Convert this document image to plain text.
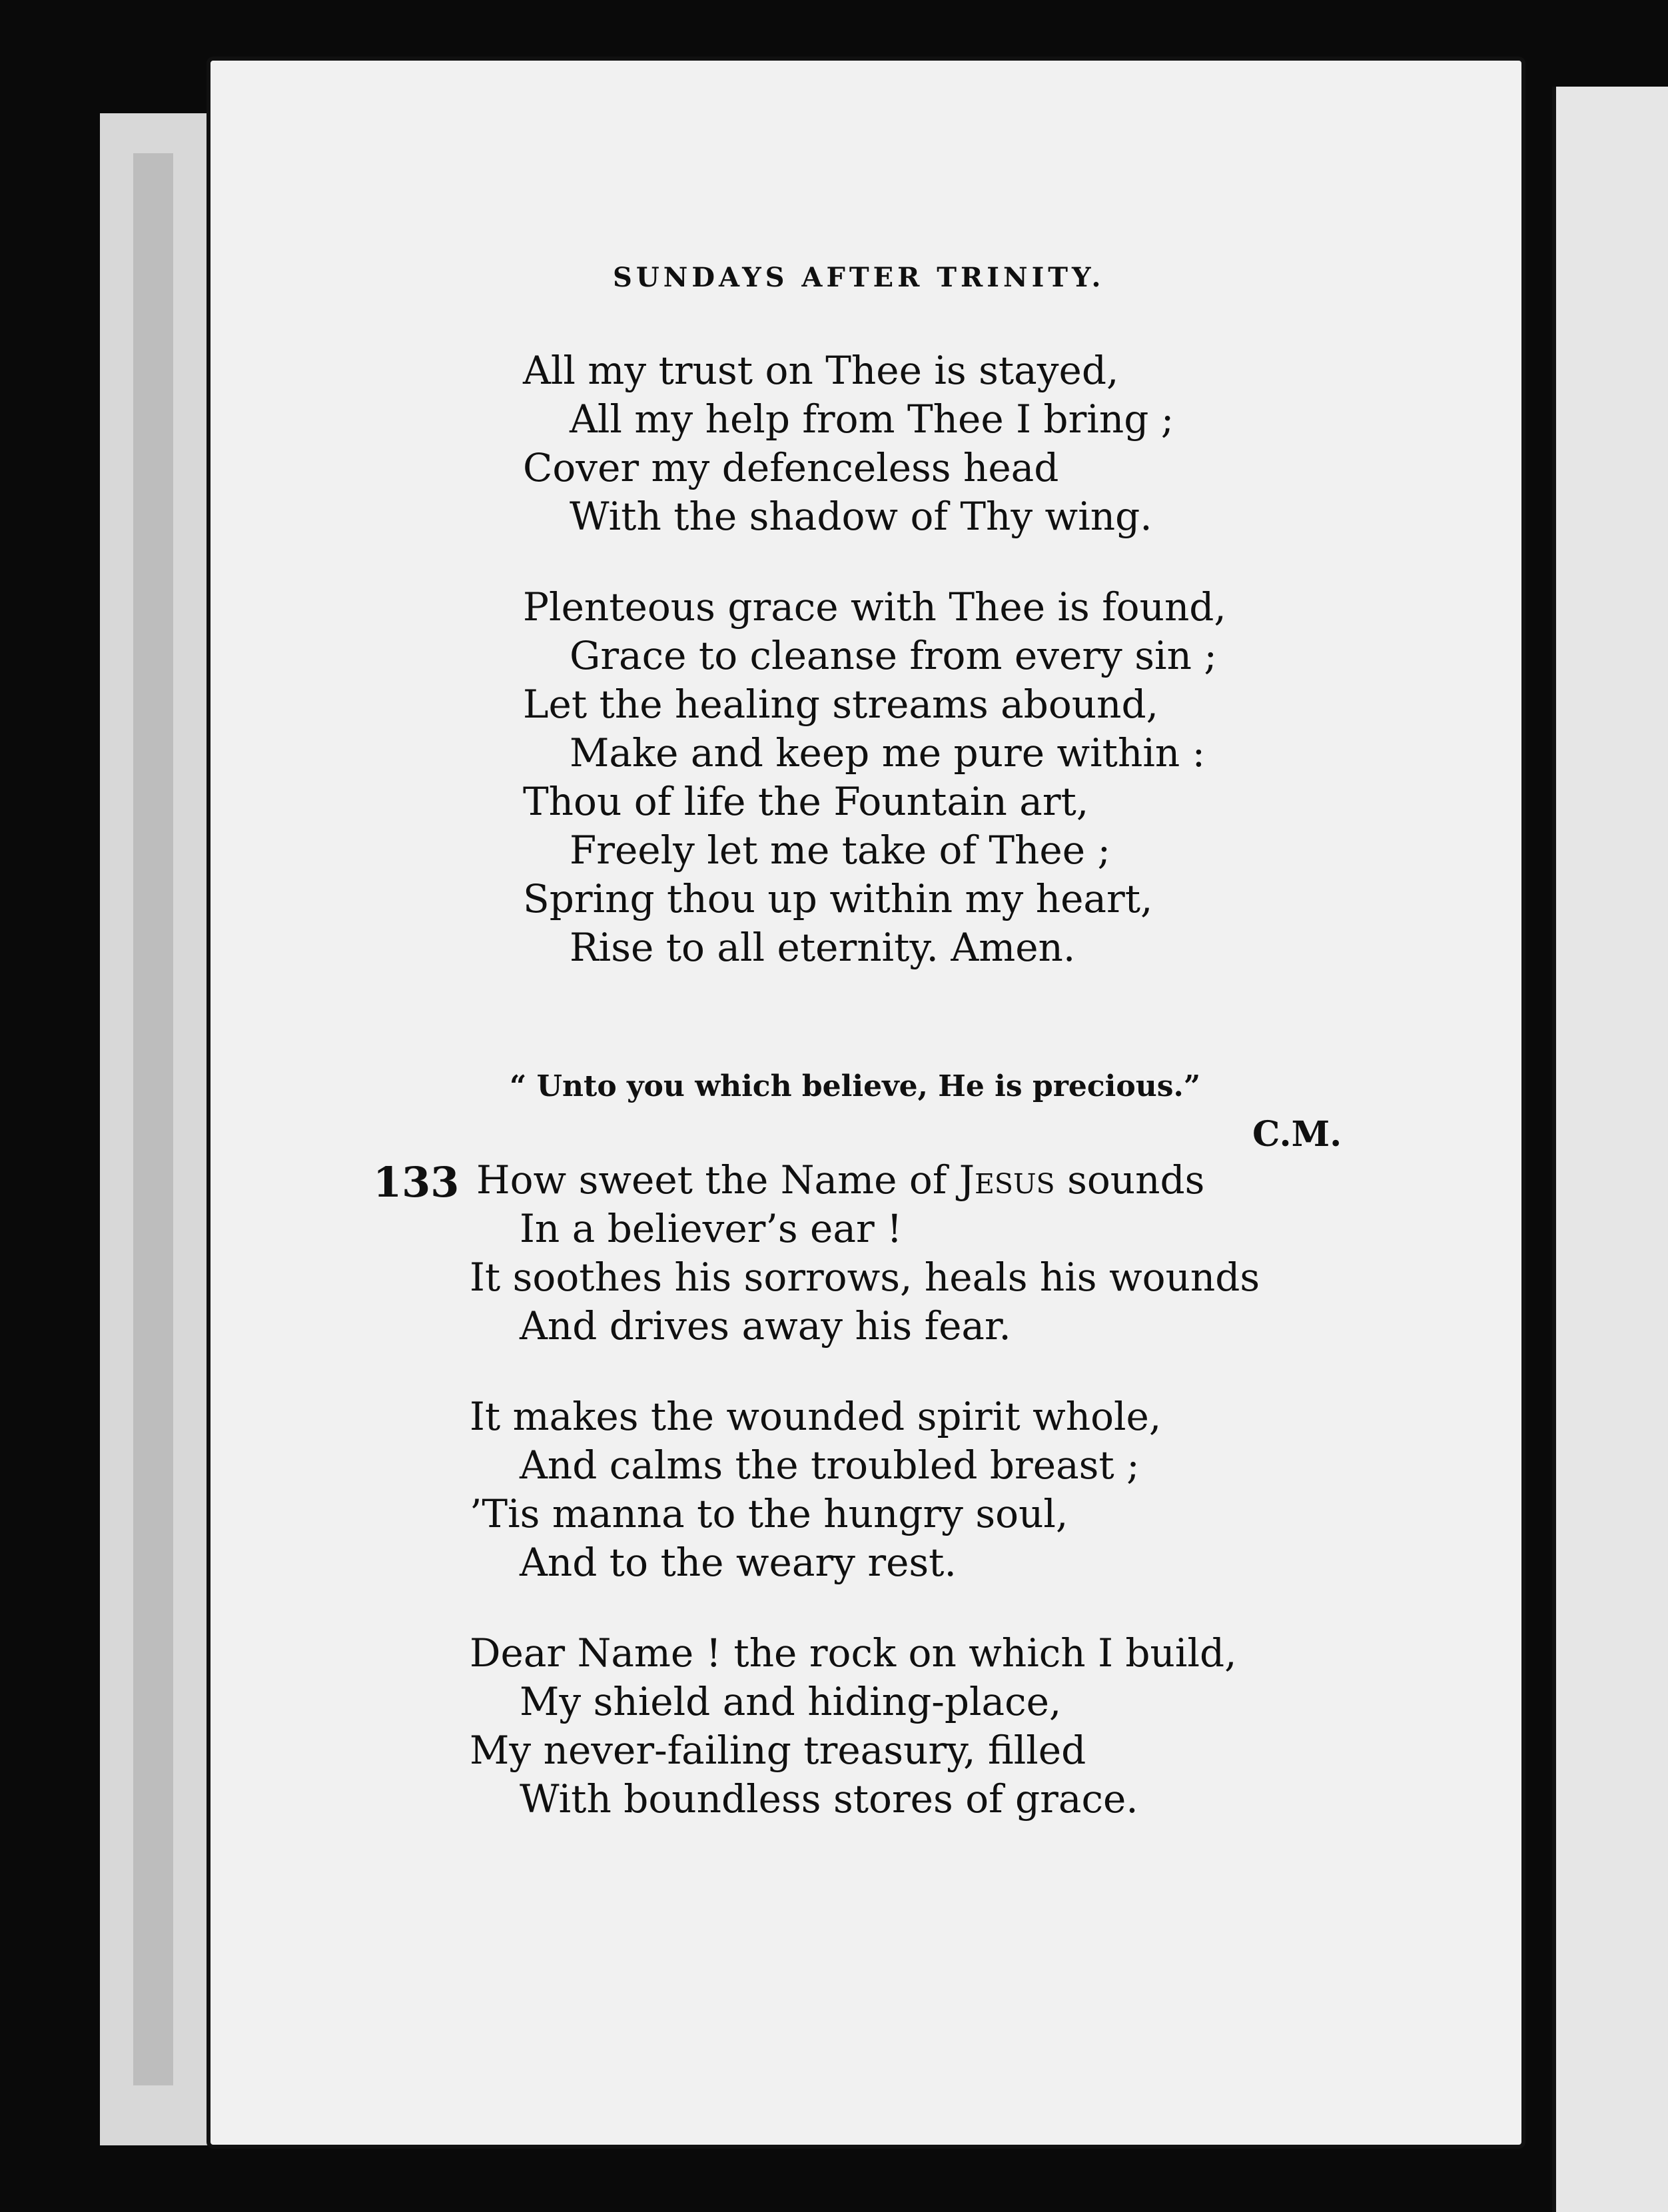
SUNDAYS AFTER TRINITY.
All my trust on Thee is stayed,
All my help from Thee I bring ;
Cover my defenceless head
With the shadow of Thy wing.
Plenteous grace with Thee is found,
Grace to cleanse from every sin ;
Let the healing streams abound,
Make and keep me pure within :
Thou of life the Fountain art,
Freely let me take of Thee ;
Spring thou up within my heart,
Rise to all eternity. Amen.
“ Unto you which believe, He is precious.”
C.M.
133 How sweet the Name of Jesus sounds
In a believer’s ear !
It soothes his sorrows, heals his wounds
And drives away his fear.
It makes the wounded spirit whole,
And calms the troubled breast ;
’Tis manna to the hungry soul,
And to the weary rest.
Dear Name ! the rock on which I build,
My shield and hiding-place,
My never-failing treasury, filled
With boundless stores of grace.
